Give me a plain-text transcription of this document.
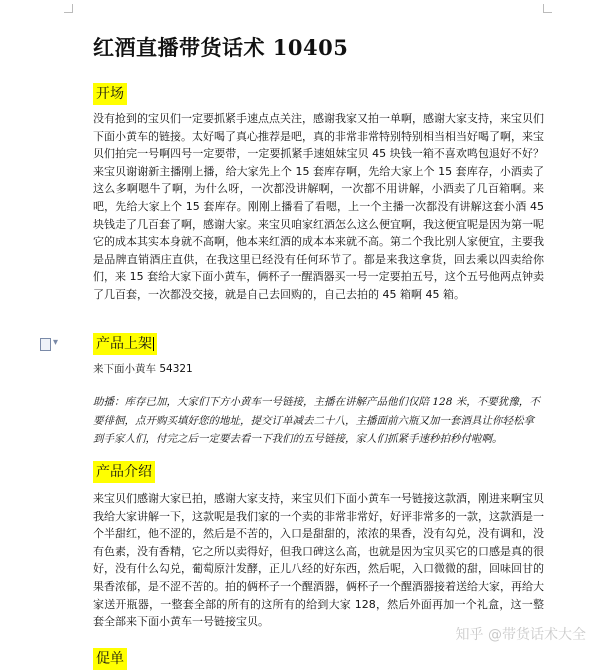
▾
红酒直播带货话术 10405
开场

没有抢到的宝贝们一定要抓紧手速点点关注，感谢我家又拍一单啊，感谢大家支持，来宝贝们下面小黄车的链接。太好喝了真心推荐是吧，真的非常非常特别特别相当相当好喝了啊，来宝贝们拍完一号啊四号一定要带，一定要抓紧手速姐妹宝贝 45 块钱一箱不喜欢鸣包退好不好？来宝贝谢谢新主播刚上播，给大家先上个 15 套库存啊，先给大家上个 15 套库存，小酒卖了这么多啊嗯牛了啊，为什么呀，一次都没讲解啊，一次都不用讲解，小酒卖了几百箱啊。来吧，先给大家上个 15 套库存。刚刚上播看了看嗯，上一个主播一次都没有讲解这套小酒 45 块钱走了几百套了啊，感谢大家。来宝贝咱家红酒怎么这么便宜啊，我这便宜呢是因为第一呢它的成本其实本身就不高啊，他本来红酒的成本本来就不高。第二个我比别人家便宜，主要我是品牌直销酒庄直供，在我这里已经没有任何环节了。都是来我这拿货，回去乘以四卖给你们，来 15 套给大家下面小黄车，俩杯子一醒酒器买一号一定要拍五号，这个五号他两点钟卖了几百套，一次都没交接，就是自己去回购的，自己去拍的 45 箱啊 45 箱。

产品上架

来下面小黄车 54321

助播：库存已加，大家们下方小黄车一号链接，主播在讲解产品他们仅陪 128 米，不要犹豫，不要徘徊，点开购买填好您的地址，提交订单减去二十八，主播面前六瓶又加一套酒具让你轻松拿到手家人们，付完之后一定要去看一下我们的五号链接，家人们抓紧手速秒拍秒付啦啊。

产品介绍

来宝贝们感谢大家已拍，感谢大家支持，来宝贝们下面小黄车一号链接这款酒，刚进来啊宝贝我给大家讲解一下，这款呢是我们家的一个卖的非常非常好，好评非常多的一款，这款酒是一个半甜红，他不涩的，然后是不苦的，入口是甜甜的，浓浓的果香，没有勾兑，没有调和，没有色素，没有香精，它之所以卖得好，但我口碑这么高，也就是因为宝贝买它的口感是真的很好，没有什么勾兑，葡萄原汁发酵，正儿八经的好东西，然后呢，入口微微的甜，回味回甘的果香浓郁，是不涩不苦的。拍的俩杯子一个醒酒器，俩杯子一个醒酒器接着送给大家，再给大家送开瓶器，一整套全部的所有的这所有的给到大家 128，然后外面再加一个礼盒，这一整套全部来下面小黄车一号链接宝贝。

促单
知乎 @带货话术大全
